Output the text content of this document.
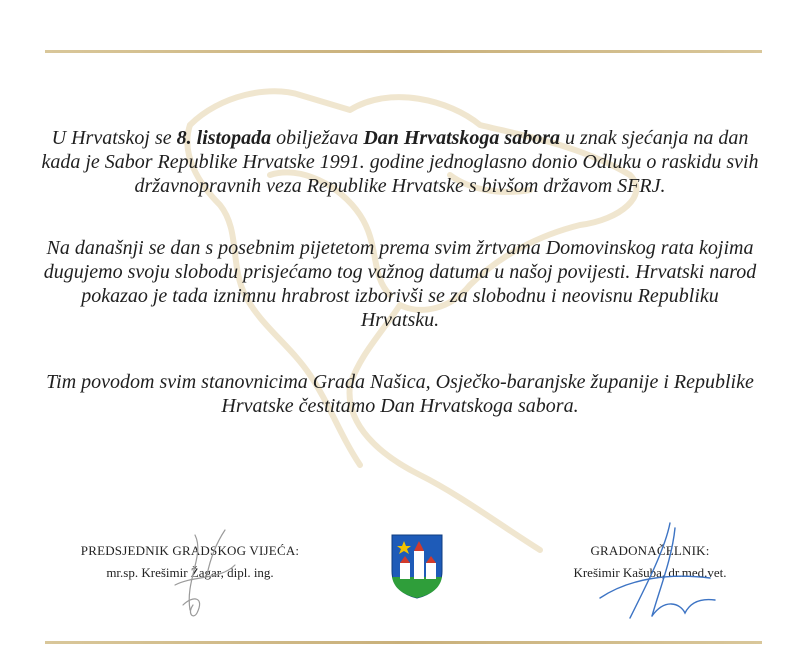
U Hrvatskoj se 8. listopada obilježava Dan Hrvatskoga sabora u znak sjećanja na dan kada je Sabor Republike Hrvatske 1991. godine jednoglasno donio Odluku o raskidu svih državnopravnih veza Republike Hrvatske s bivšom državom SFRJ.

Na današnji se dan s posebnim pijetetom prema svim žrtvama Domovinskog rata kojima dugujemo svoju slobodu prisjećamo tog važnog datuma u našoj povijesti. Hrvatski narod pokazao je tada iznimnu hrabrost izborivši se za slobodnu i neovisnu Republiku Hrvatsku.

Tim povodom svim stanovnicima Grada Našica, Osječko-baranjske županije i Republike Hrvatske čestitamo Dan Hrvatskoga sabora.

PREDSJEDNIK GRADSKOG VIJEĆA:
mr.sp. Krešimir Žagar, dipl. ing.
GRADONAČELNIK:
Krešimir Kašuba, dr.med.vet.
